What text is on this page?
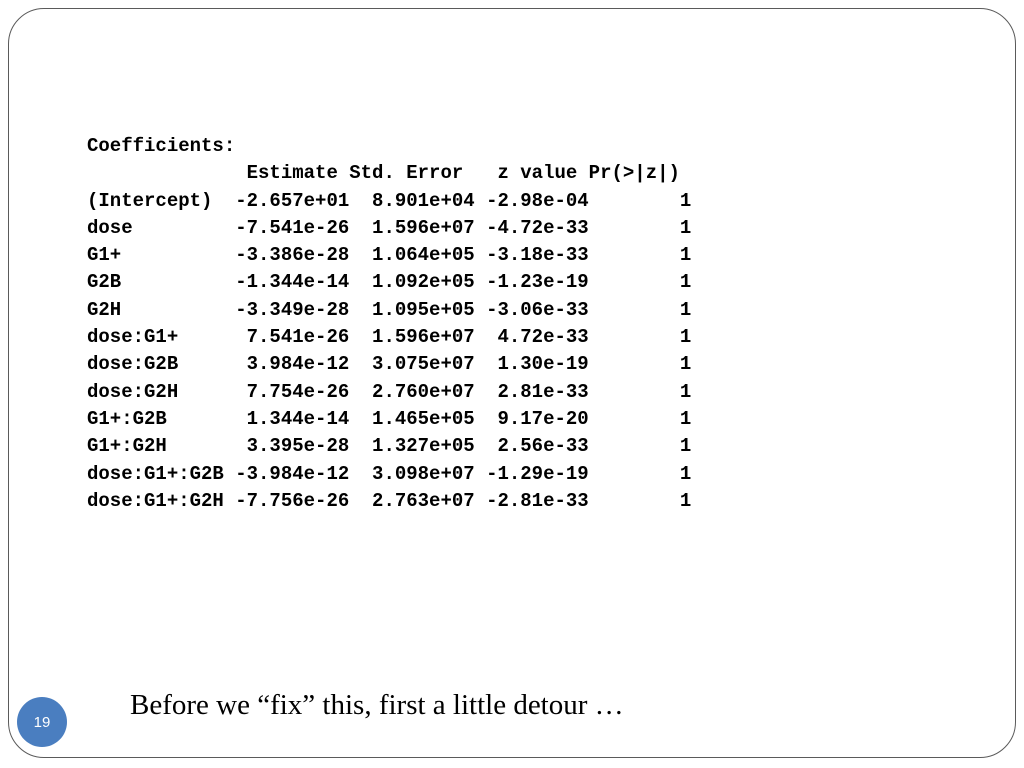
Coefficients:
Estimate Std. Error   z value Pr(>|z|)
(Intercept)  -2.657e+01  8.901e+04 -2.98e-04        1
dose         -7.541e-26  1.596e+07 -4.72e-33        1
G1+          -3.386e-28  1.064e+05 -3.18e-33        1
G2B          -1.344e-14  1.092e+05 -1.23e-19        1
G2H          -3.349e-28  1.095e+05 -3.06e-33        1
dose:G1+      7.541e-26  1.596e+07  4.72e-33        1
dose:G2B      3.984e-12  3.075e+07  1.30e-19        1
dose:G2H      7.754e-26  2.760e+07  2.81e-33        1
G1+:G2B       1.344e-14  1.465e+05  9.17e-20        1
G1+:G2H       3.395e-28  1.327e+05  2.56e-33        1
dose:G1+:G2B -3.984e-12  3.098e+07 -1.29e-19        1
dose:G1+:G2H -7.756e-26  2.763e+07 -2.81e-33        1
19
Before we “fix” this, first a little detour …
